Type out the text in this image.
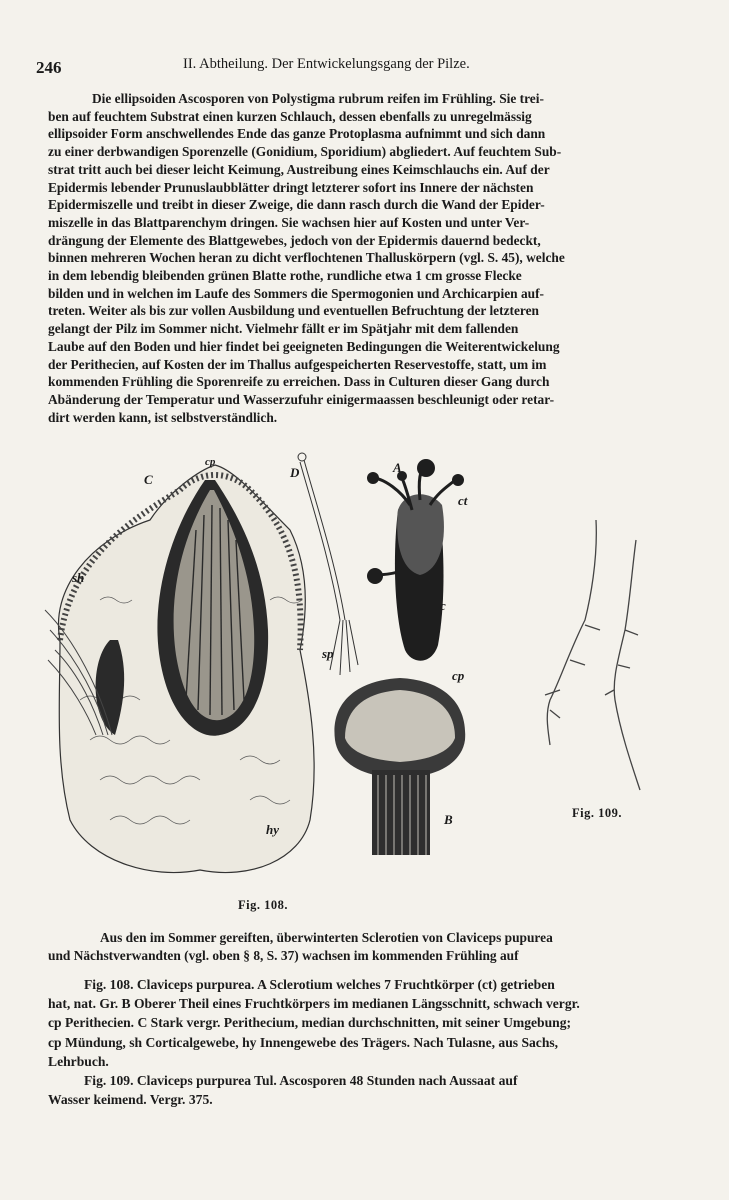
246	II. Abtheilung. Der Entwickelungsgang der Pilze.
Die ellipsoiden Ascosporen von Polystigma rubrum reifen im Frühling. Sie trei-
ben auf feuchtem Substrat einen kurzen Schlauch, dessen ebenfalls zu unregelmässig
ellipsoider Form anschwellendes Ende das ganze Protoplasma aufnimmt und sich dann
zu einer derbwandigen Sporenzelle (Gonidium, Sporidium) abgliedert. Auf feuchtem Sub-
strat tritt auch bei dieser leicht Keimung, Austreibung eines Keimschlauchs ein. Auf der
Epidermis lebender Prunuslaubblätter dringt letzterer sofort ins Innere der nächsten
Epidermiszelle und treibt in dieser Zweige, die dann rasch durch die Wand der Epider-
miszelle in das Blattparenchym dringen. Sie wachsen hier auf Kosten und unter Ver-
drängung der Elemente des Blattgewebes, jedoch von der Epidermis dauernd bedeckt,
binnen mehreren Wochen heran zu dicht verflochtenen Thalluskörpern (vgl. S. 45), welche
in dem lebendig bleibenden grünen Blatte rothe, rundliche etwa 1 cm grosse Flecke
bilden und in welchen im Laufe des Sommers die Spermogonien und Archicarpien auf-
treten. Weiter als bis zur vollen Ausbildung und eventuellen Befruchtung der letzteren
gelangt der Pilz im Sommer nicht. Vielmehr fällt er im Spätjahr mit dem fallenden
Laube auf den Boden und hier findet bei geeigneten Bedingungen die Weiterentwickelung
der Perithecien, auf Kosten der im Thallus aufgespeicherten Reservestoffe, statt, um im
kommenden Frühling die Sporenreife zu erreichen. Dass in Culturen dieser Gang durch
Abänderung der Temperatur und Wasserzufuhr einigermaassen beschleunigt oder retar-
dirt werden kann, ist selbstverständlich.
C
cp
sh
hy
D
sp
A
ct
c
cp
B
Fig. 108.
Fig. 109.
Aus den im Sommer gereiften, überwinterten Sclerotien von Claviceps pupurea
und Nächstverwandten (vgl. oben § 8, S. 37) wachsen im kommenden Frühling auf
Fig. 108. Claviceps purpurea. A Sclerotium welches 7 Fruchtkörper (ct) getrieben
hat, nat. Gr. B Oberer Theil eines Fruchtkörpers im medianen Längsschnitt, schwach vergr.
cp Perithecien. C Stark vergr. Perithecium, median durchschnitten, mit seiner Umgebung;
cp Mündung, sh Corticalgewebe, hy Innengewebe des Trägers. Nach Tulasne, aus Sachs,
Lehrbuch.
Fig. 109. Claviceps purpurea Tul. Ascosporen 48 Stunden nach Aussaat auf
Wasser keimend. Vergr. 375.
